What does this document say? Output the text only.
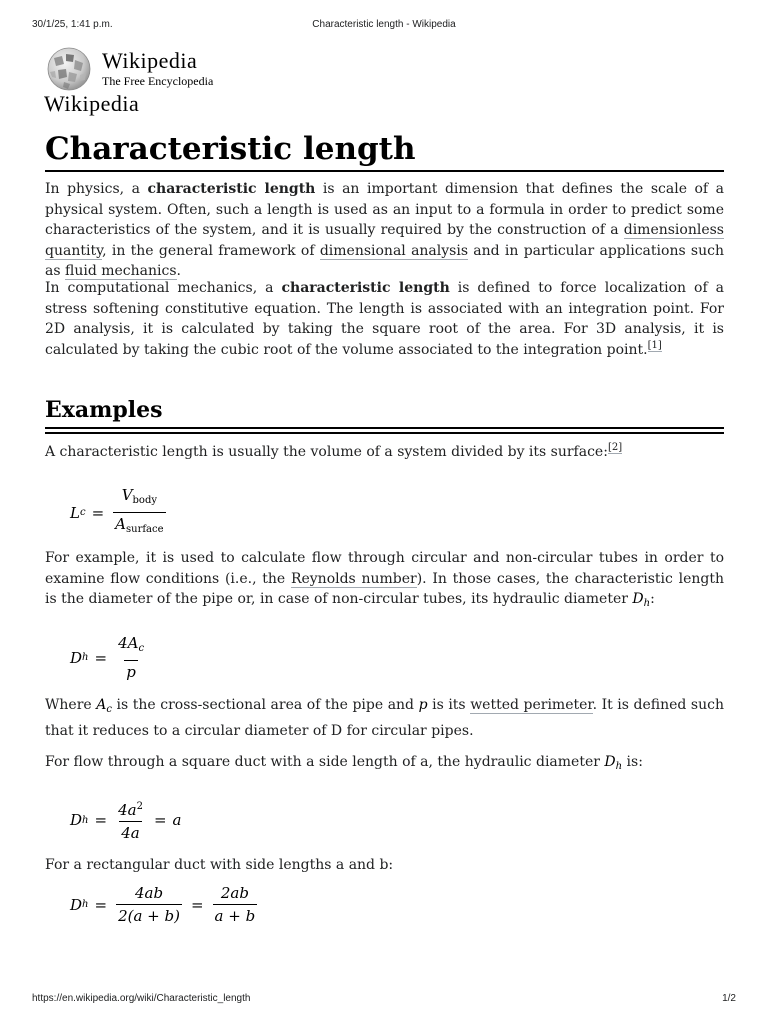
30/1/25, 1:41 p.m.	Characteristic length - Wikipedia
Wikipedia
The Free Encyclopedia
Wikipedia
Characteristic length

In physics, a characteristic length is an important dimension that defines the scale of a physical system. Often, such a length is used as an input to a formula in order to predict some characteristics of the system, and it is usually required by the construction of a dimensionless quantity, in the general framework of dimensional analysis and in particular applications such as fluid mechanics.

In computational mechanics, a characteristic length is defined to force localization of a stress softening constitutive equation. The length is associated with an integration point. For 2D analysis, it is calculated by taking the square root of the area. For 3D analysis, it is calculated by taking the cubic root of the volume associated to the integration point.[1]

Examples

A characteristic length is usually the volume of a system divided by its surface:[2]

L $c = \frac{V_{body}}{A_{surface}}$

For example, it is used to calculate flow through circular and non-circular tubes in order to examine flow conditions (i.e., the Reynolds number). In those cases, the characteristic length is the diameter of the pipe or, in case of non-circular tubes, its hydraulic diameter $D_h$:

D $h = \frac{4A_c}{p}$

Where $A_c$ is the cross-sectional area of the pipe and p is its wetted perimeter. It is defined such that it reduces to a circular diameter of D for circular pipes.

For flow through a square duct with a side length of a, the hydraulic diameter $D_h$ is:

D $h = \frac{4a^2}{4a} = a$

For a rectangular duct with side lengths a and b:

D $h = \frac{4ab}{2(a + b)} = \frac{2ab}{a + b}$
https://en.wikipedia.org/wiki/Characteristic_length	1/2
